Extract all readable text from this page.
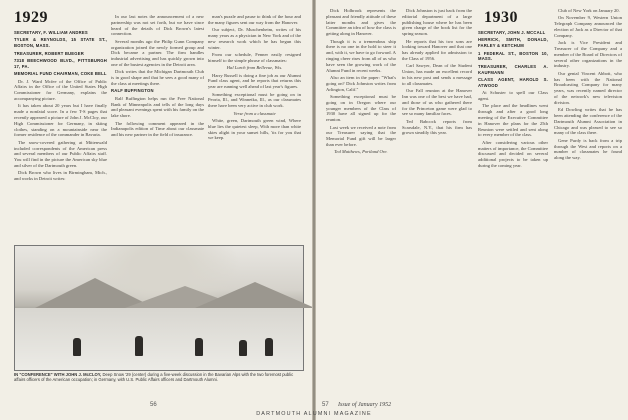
1929

SECRETARY, F. WILLIAM ANDRES

TYLER & REYNOLDS, 15 STATE ST., BOSTON, MASS.

TREASURER, ROBERT BUEGER

7318 BEECHWOOD BLVD., PITTSBURGH 17, PA.

MEMORIAL FUND CHAIRMAN, COKE BELL

Dr. J. Ward Mcfee of the Office of Public Affairs in the Office of the United States High Commissioner for Germany, explains the accompanying picture.

It has taken about 20 years but I have finally made a nonfatal score. In a few T-S pages that recently appeared a picture of John J. McCloy, our High Commissioner for Germany, in skiing clothes, standing on a mountainside near the former residence of the commander in Bavaria.

The snow-covered gathering at Mittenwald included correspondents of the American press and several members of our Public Affairs staff. You will find in the picture the American sky blue and silver of the Dartmouth green.

Dick Brown who lives in Birmingham, Mich., and works in Detroit writes:

In our last notes the announcement of a new partnership was not set forth, but we have since heard of the details of Dick Brown's latest connection.

Several months ago the Philip Gunn Company organization joined the newly formed group and Dick became a partner. The firm handles industrial advertising and has quickly grown into one of the busiest agencies in the Detroit area.

Dick writes that the Michigan Dartmouth Club is in good shape and that he sees a good many of the class at meetings there.

RALF BUFFINGTON

Ralf Buffington helps run the Free National Bank of Minneapolis and tells of the long days and pleasant evenings spent with his family on the lake shore.

The following comment appeared in the Indianapolis edition of Time about our classmate and his new partner in the field of insurance.

man's puzzle and pause to think of the hour and the many figures sent our way from the Hanover.

Our subject, Dr. Muschenheim, writes of his many years as a physician in New York and of the new research work which he has begun this winter.

From our schedule, Fenner easily resigned himself to the simple phrase of classmates:

Hal Lurch from Bellevue, Wis.

Harry Russell is doing a fine job as our Alumni Fund class agent, and he reports that returns this year are running well ahead of last year's figures.

Something exceptional must be going on in Peoria, Ill., and Winnetka, Ill., as our classmates there have been very active in club work.

Verse from a classmate

White, green, Dartmouth green wind, Where blue lies the quietest sleep, With more than white skies alight in your sunset hills, 'tis for you that we keep.

IN "CONFERENCE" WITH JOHN J. McCLOY, Deep Snow '29 (center) during a five-week discussion in the Bavarian Alps with the two foremost public affairs officers of the American occupation; in Germany, with U.S. Public Affairs officers and Dartmouth Alumni.
56

Dick Holbrook represents the pleasant and friendly attitude of these latter months and gives the Committee an idea of how the class is getting along in Hanover.

Though it is a tremendous ship there is no one in the hold to steer it and, with it, we have to go forward. A ringing cheer rises from all of us who have seen the growing work of the Alumni Fund in recent weeks.

Also an item in the paper: "What's going on? Dick Johnston writes from Arlington, Calif."

Something exceptional must be going on in Oregon where our younger members of the Class of 1930 have all signed up for the reunion.

Last week we received a note from our Treasurer saying that the Memorial Fund gift will be larger than ever before.

Ted Matthews, Portland Ore.

Dick Johnston is just back from the editorial department of a large publishing house where he has been given charge of the book list for the spring season.

He reports that his two sons are looking toward Hanover and that one has already applied for admission to the Class of 1956.

Carl Sawyer, Dean of the Student Union, has made an excellent record in his new post and sends a message to all classmates.

Our Fall reunion at the Hanover Inn was one of the best we have had, and those of us who gathered there for the Princeton game were glad to see so many familiar faces.

Ted Babcock reports from Scarsdale, N.Y., that his firm has grown steadily this year.

1930

SECRETARY, JOHN J. MCCALL

HERRICK, SMITH, DONALD, FARLEY & KETCHUM

1 FEDERAL ST., BOSTON 10, MASS.

TREASURER, CHARLES A. KAUFMANN

CLASS AGENT, HAROLD S. ATWOOD

At Schuster to spell our Class agent.

The place and the headlines went through and after a good long meeting of the Executive Committee in Hanover the plans for the 25th Reunion were settled and sent along to every member of the class.

After considering various other matters of importance, the Committee discussed and decided on several additional projects to be taken up during the coming year.

Club of New York on January 20.

On November 9, Western Union Telegraph Company announced the election of Jack as a Director of that Company.

Jack is Vice President and Treasurer of the Company and a member of the Board of Directors of several other organizations in the industry.

Our genial Vincent Abbott, who has been with the National Broadcasting Company for many years, was recently named director of the network's new television division.

Ed Dowling writes that he has been attending the conference of the Dartmouth Alumni Association in Chicago and was pleased to see so many of the class there.

Gene Purdy is back from a trip through the West and reports on a number of classmates he found along the way.

Issue of January 1952
57
DARTMOUTH ALUMNI MAGAZINE
